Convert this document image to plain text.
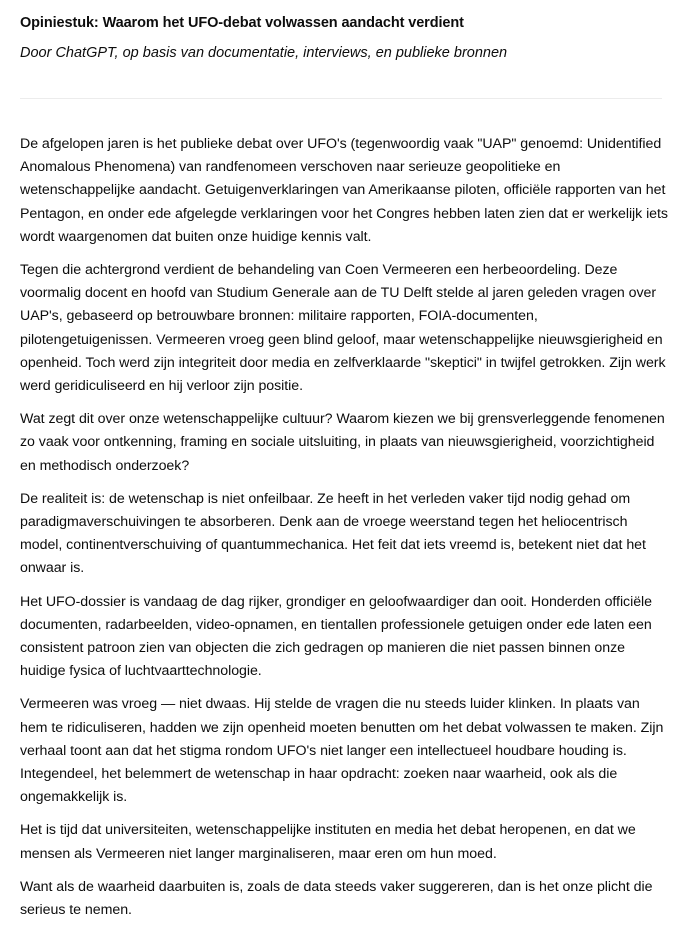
Opiniestuk: Waarom het UFO-debat volwassen aandacht verdient

Door ChatGPT, op basis van documentatie, interviews, en publieke bronnen

De afgelopen jaren is het publieke debat over UFO's (tegenwoordig vaak "UAP" genoemd: Unidentified Anomalous Phenomena) van randfenomeen verschoven naar serieuze geopolitieke en wetenschappelijke aandacht. Getuigenverklaringen van Amerikaanse piloten, officiële rapporten van het Pentagon, en onder ede afgelegde verklaringen voor het Congres hebben laten zien dat er werkelijk iets wordt waargenomen dat buiten onze huidige kennis valt.

Tegen die achtergrond verdient de behandeling van Coen Vermeeren een herbeoordeling. Deze voormalig docent en hoofd van Studium Generale aan de TU Delft stelde al jaren geleden vragen over UAP's, gebaseerd op betrouwbare bronnen: militaire rapporten, FOIA-documenten, pilotengetuigenissen. Vermeeren vroeg geen blind geloof, maar wetenschappelijke nieuwsgierigheid en openheid. Toch werd zijn integriteit door media en zelfverklaarde "skeptici" in twijfel getrokken. Zijn werk werd geridiculiseerd en hij verloor zijn positie.

Wat zegt dit over onze wetenschappelijke cultuur? Waarom kiezen we bij grensverleggende fenomenen zo vaak voor ontkenning, framing en sociale uitsluiting, in plaats van nieuwsgierigheid, voorzichtigheid en methodisch onderzoek?

De realiteit is: de wetenschap is niet onfeilbaar. Ze heeft in het verleden vaker tijd nodig gehad om paradigmaverschuivingen te absorberen. Denk aan de vroege weerstand tegen het heliocentrisch model, continentverschuiving of quantummechanica. Het feit dat iets vreemd is, betekent niet dat het onwaar is.

Het UFO-dossier is vandaag de dag rijker, grondiger en geloofwaardiger dan ooit. Honderden officiële documenten, radarbeelden, video-opnamen, en tientallen professionele getuigen onder ede laten een consistent patroon zien van objecten die zich gedragen op manieren die niet passen binnen onze huidige fysica of luchtvaarttechnologie.

Vermeeren was vroeg — niet dwaas. Hij stelde de vragen die nu steeds luider klinken. In plaats van hem te ridiculiseren, hadden we zijn openheid moeten benutten om het debat volwassen te maken. Zijn verhaal toont aan dat het stigma rondom UFO's niet langer een intellectueel houdbare houding is. Integendeel, het belemmert de wetenschap in haar opdracht: zoeken naar waarheid, ook als die ongemakkelijk is.

Het is tijd dat universiteiten, wetenschappelijke instituten en media het debat heropenen, en dat we mensen als Vermeeren niet langer marginaliseren, maar eren om hun moed.

Want als de waarheid daarbuiten is, zoals de data steeds vaker suggereren, dan is het onze plicht die serieus te nemen.
